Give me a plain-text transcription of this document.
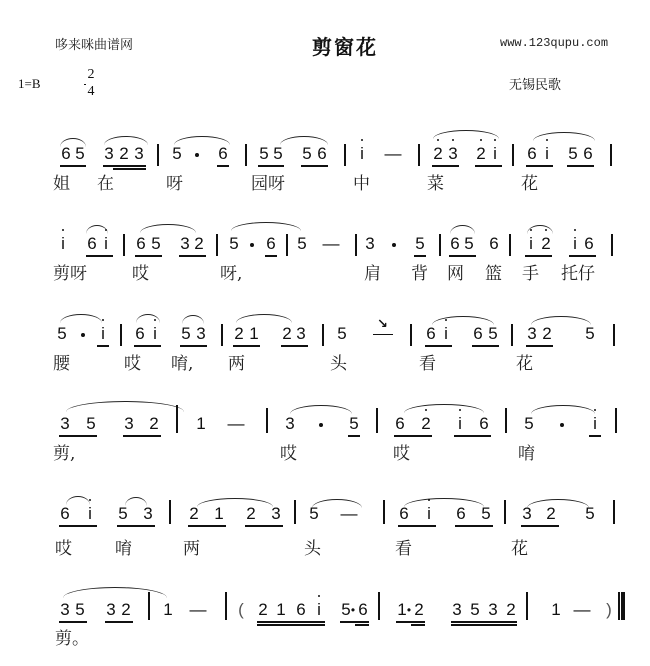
哆来咪曲谱网	剪窗花	www.123qupu.com
1=B
2
4	无锡民歌
6 5 3 2 3 5 6 5 5 5 6 i — 2 3 2 i 6 i 5 6
姐 在	呀	园呀	中	菜	花
i 6 i 6 5 3 2 5 6 5 — 3 5 6 5 6 i 2 i 6
剪呀	哎	呀,	肩 背 网 篮 手 托仔
5 i 6 i 5 3 2 1 2 3 5 ↘ 6 i 6 5 3 2 5
腰	哎 唷, 两	头	看	花
3 5 3 2 1 — 3	5 6 2 i 6 5	i
剪,	哎	哎	唷
6 i 5 3 2 1 2 3 5 — 6 i 6 5 3 2 5
哎	唷	两	头	看	花
3 5 3 2 1 — ( 2 1 6 i 5 • 6 1 • 2 3 5 3 2 1 — )
剪。
